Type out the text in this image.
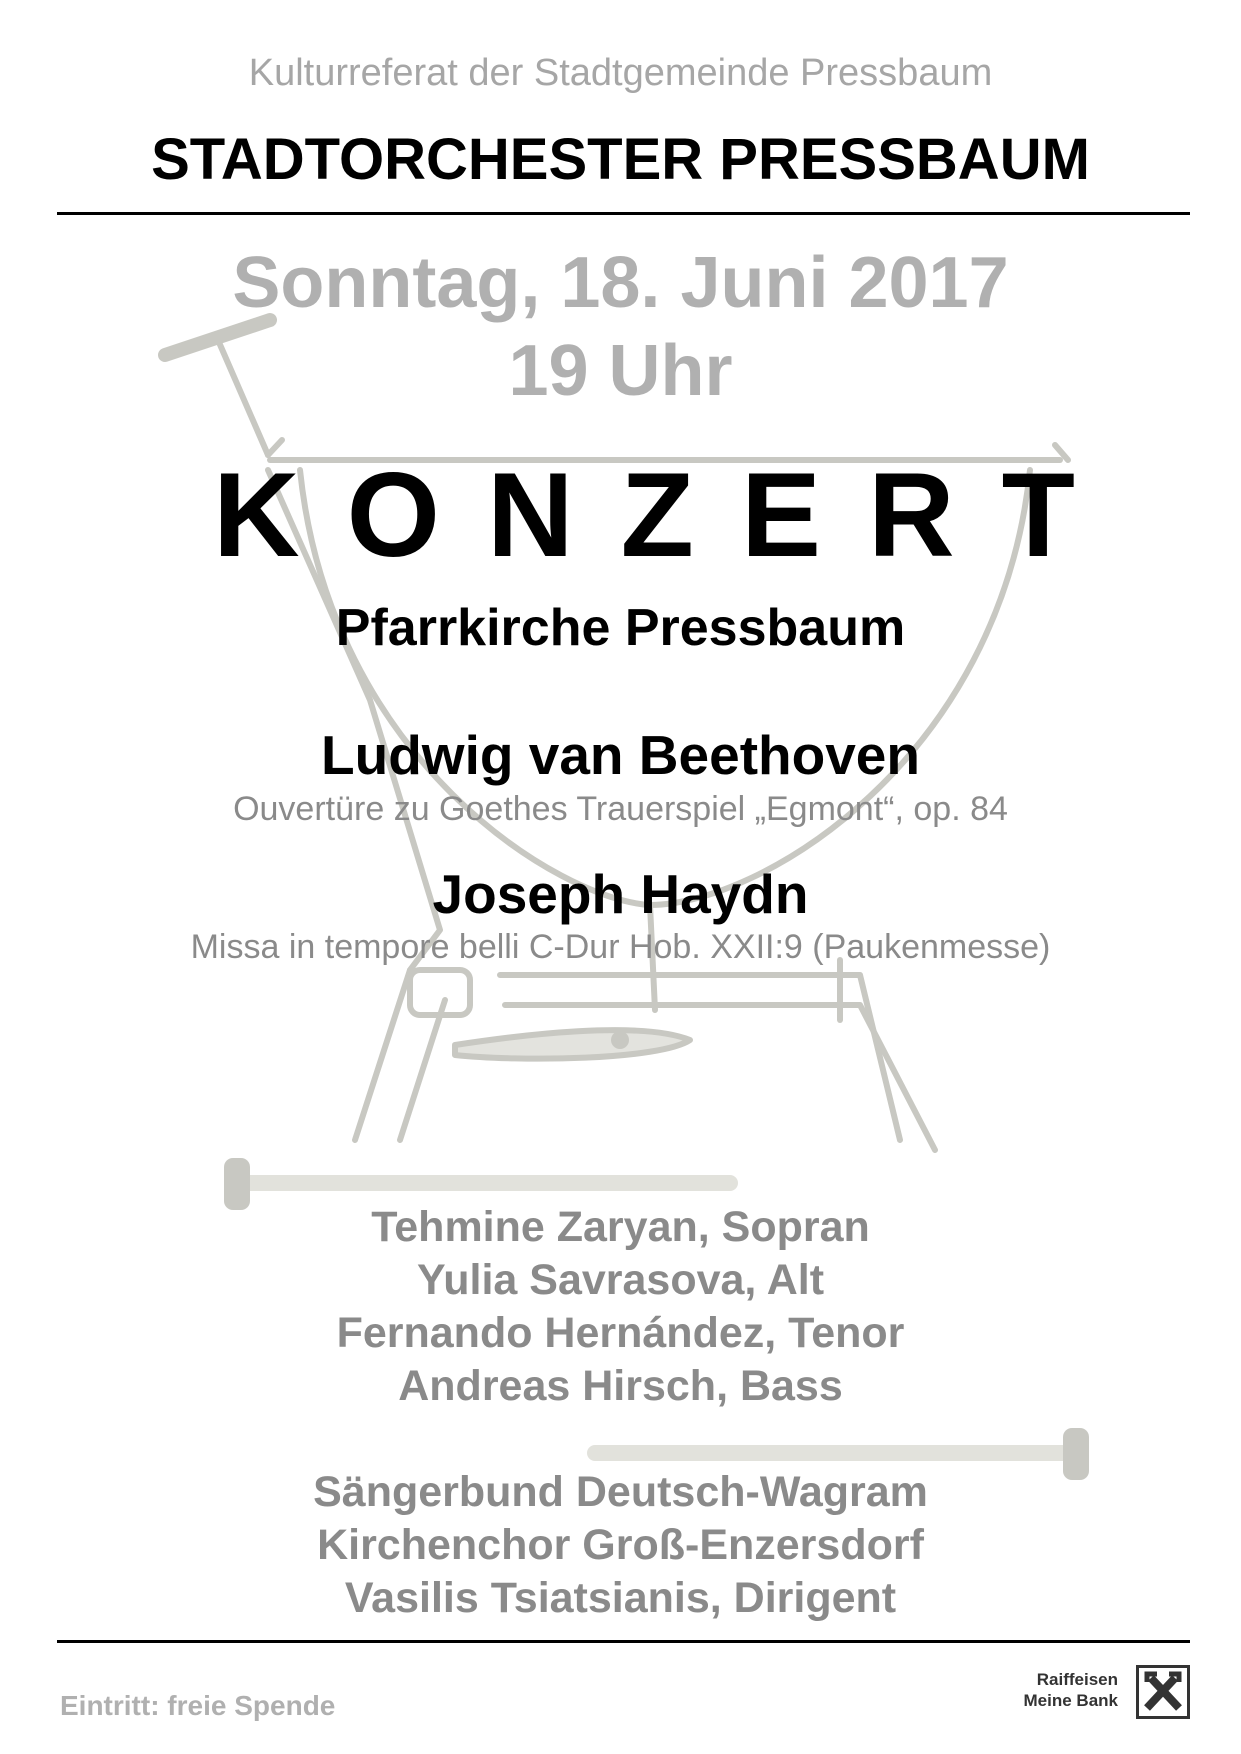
Kulturreferat der Stadtgemeinde Pressbaum
STADTORCHESTER PRESSBAUM
Sonntag, 18. Juni 2017
19 Uhr
KONZERT
Pfarrkirche Pressbaum
Ludwig van Beethoven
Ouvertüre zu Goethes Trauerspiel „Egmont“, op. 84
Joseph Haydn
Missa in tempore belli C-Dur Hob. XXII:9 (Paukenmesse)
Tehmine Zaryan, Sopran
Yulia Savrasova, Alt
Fernando Hernández, Tenor
Andreas Hirsch, Bass
Sängerbund Deutsch-Wagram
Kirchenchor Groß-Enzersdorf
Vasilis Tsiatsianis, Dirigent
Eintritt: freie Spende
Raiffeisen
Meine Bank
